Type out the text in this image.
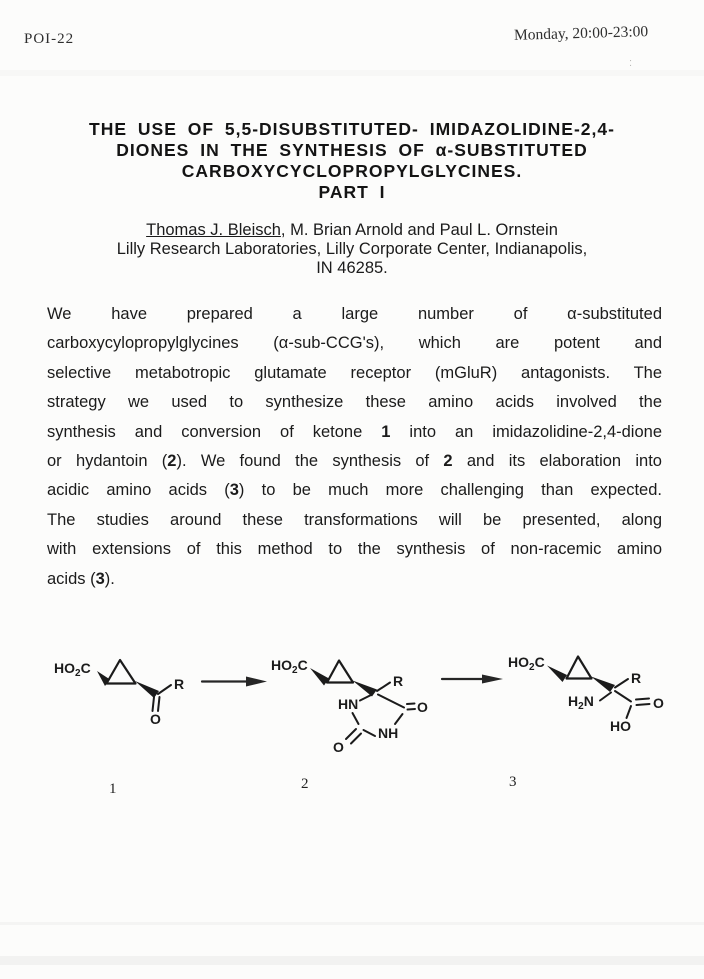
POI-22	Monday, 20:00-23:00
:
THE USE OF 5,5-DISUBSTITUTED- IMIDAZOLIDINE-2,4-
DIONES IN THE SYNTHESIS OF α-SUBSTITUTED
CARBOXYCYCLOPROPYLGLYCINES.
PART I
Thomas J. Bleisch, M. Brian Arnold and Paul L. Ornstein
Lilly Research Laboratories, Lilly Corporate Center, Indianapolis,
IN 46285.
We have prepared a large number of α-substituted
carboxycylopropylglycines (α-sub-CCG's), which are potent and
selective metabotropic glutamate receptor (mGluR) antagonists. The
strategy we used to synthesize these amino acids involved the
synthesis and conversion of ketone 1 into an imidazolidine-2,4-dione
or hydantoin (2). We found the synthesis of 2 and its elaboration into
acidic amino acids (3) to be much more challenging than expected.
The studies around these transformations will be presented, along
with extensions of this method to the synthesis of non-racemic amino
acids (3).
$HO_2C$
R
O
1
$HO_2C$
R
HN
NH
O
O
2
$HO_2C$
R
$H_2N$	O
HO
3
